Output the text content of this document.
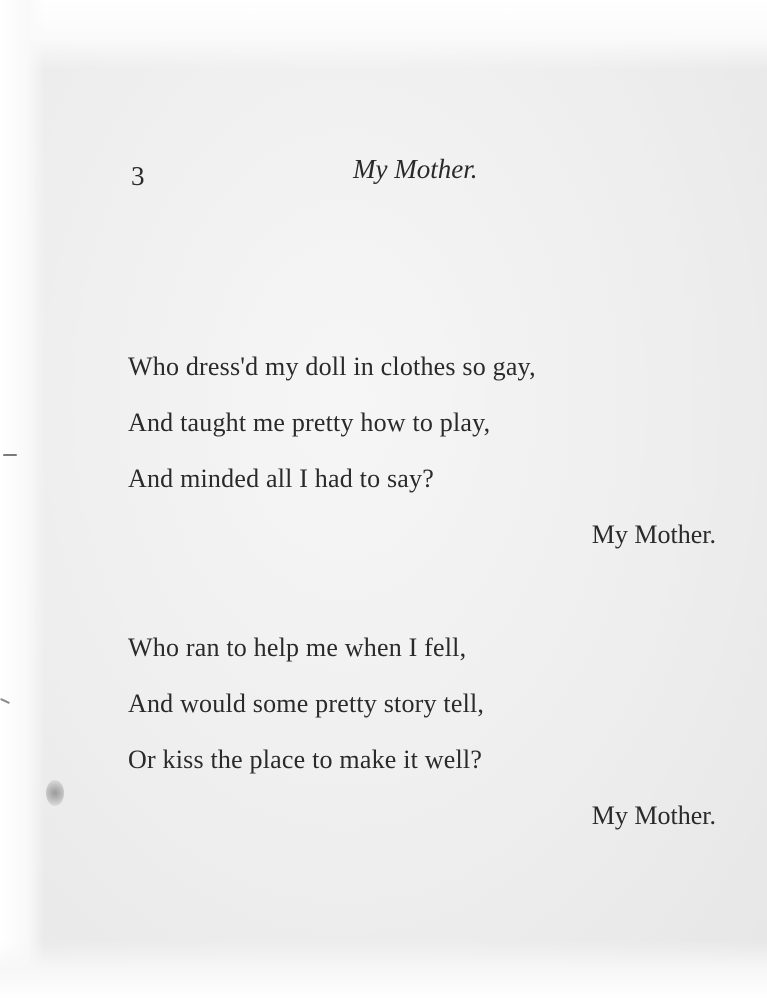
3	My Mother.
Who dress'd my doll in clothes so gay,
And taught me pretty how to play,
And minded all I had to say?
My Mother.
Who ran to help me when I fell,
And would some pretty story tell,
Or kiss the place to make it well?
My Mother.
